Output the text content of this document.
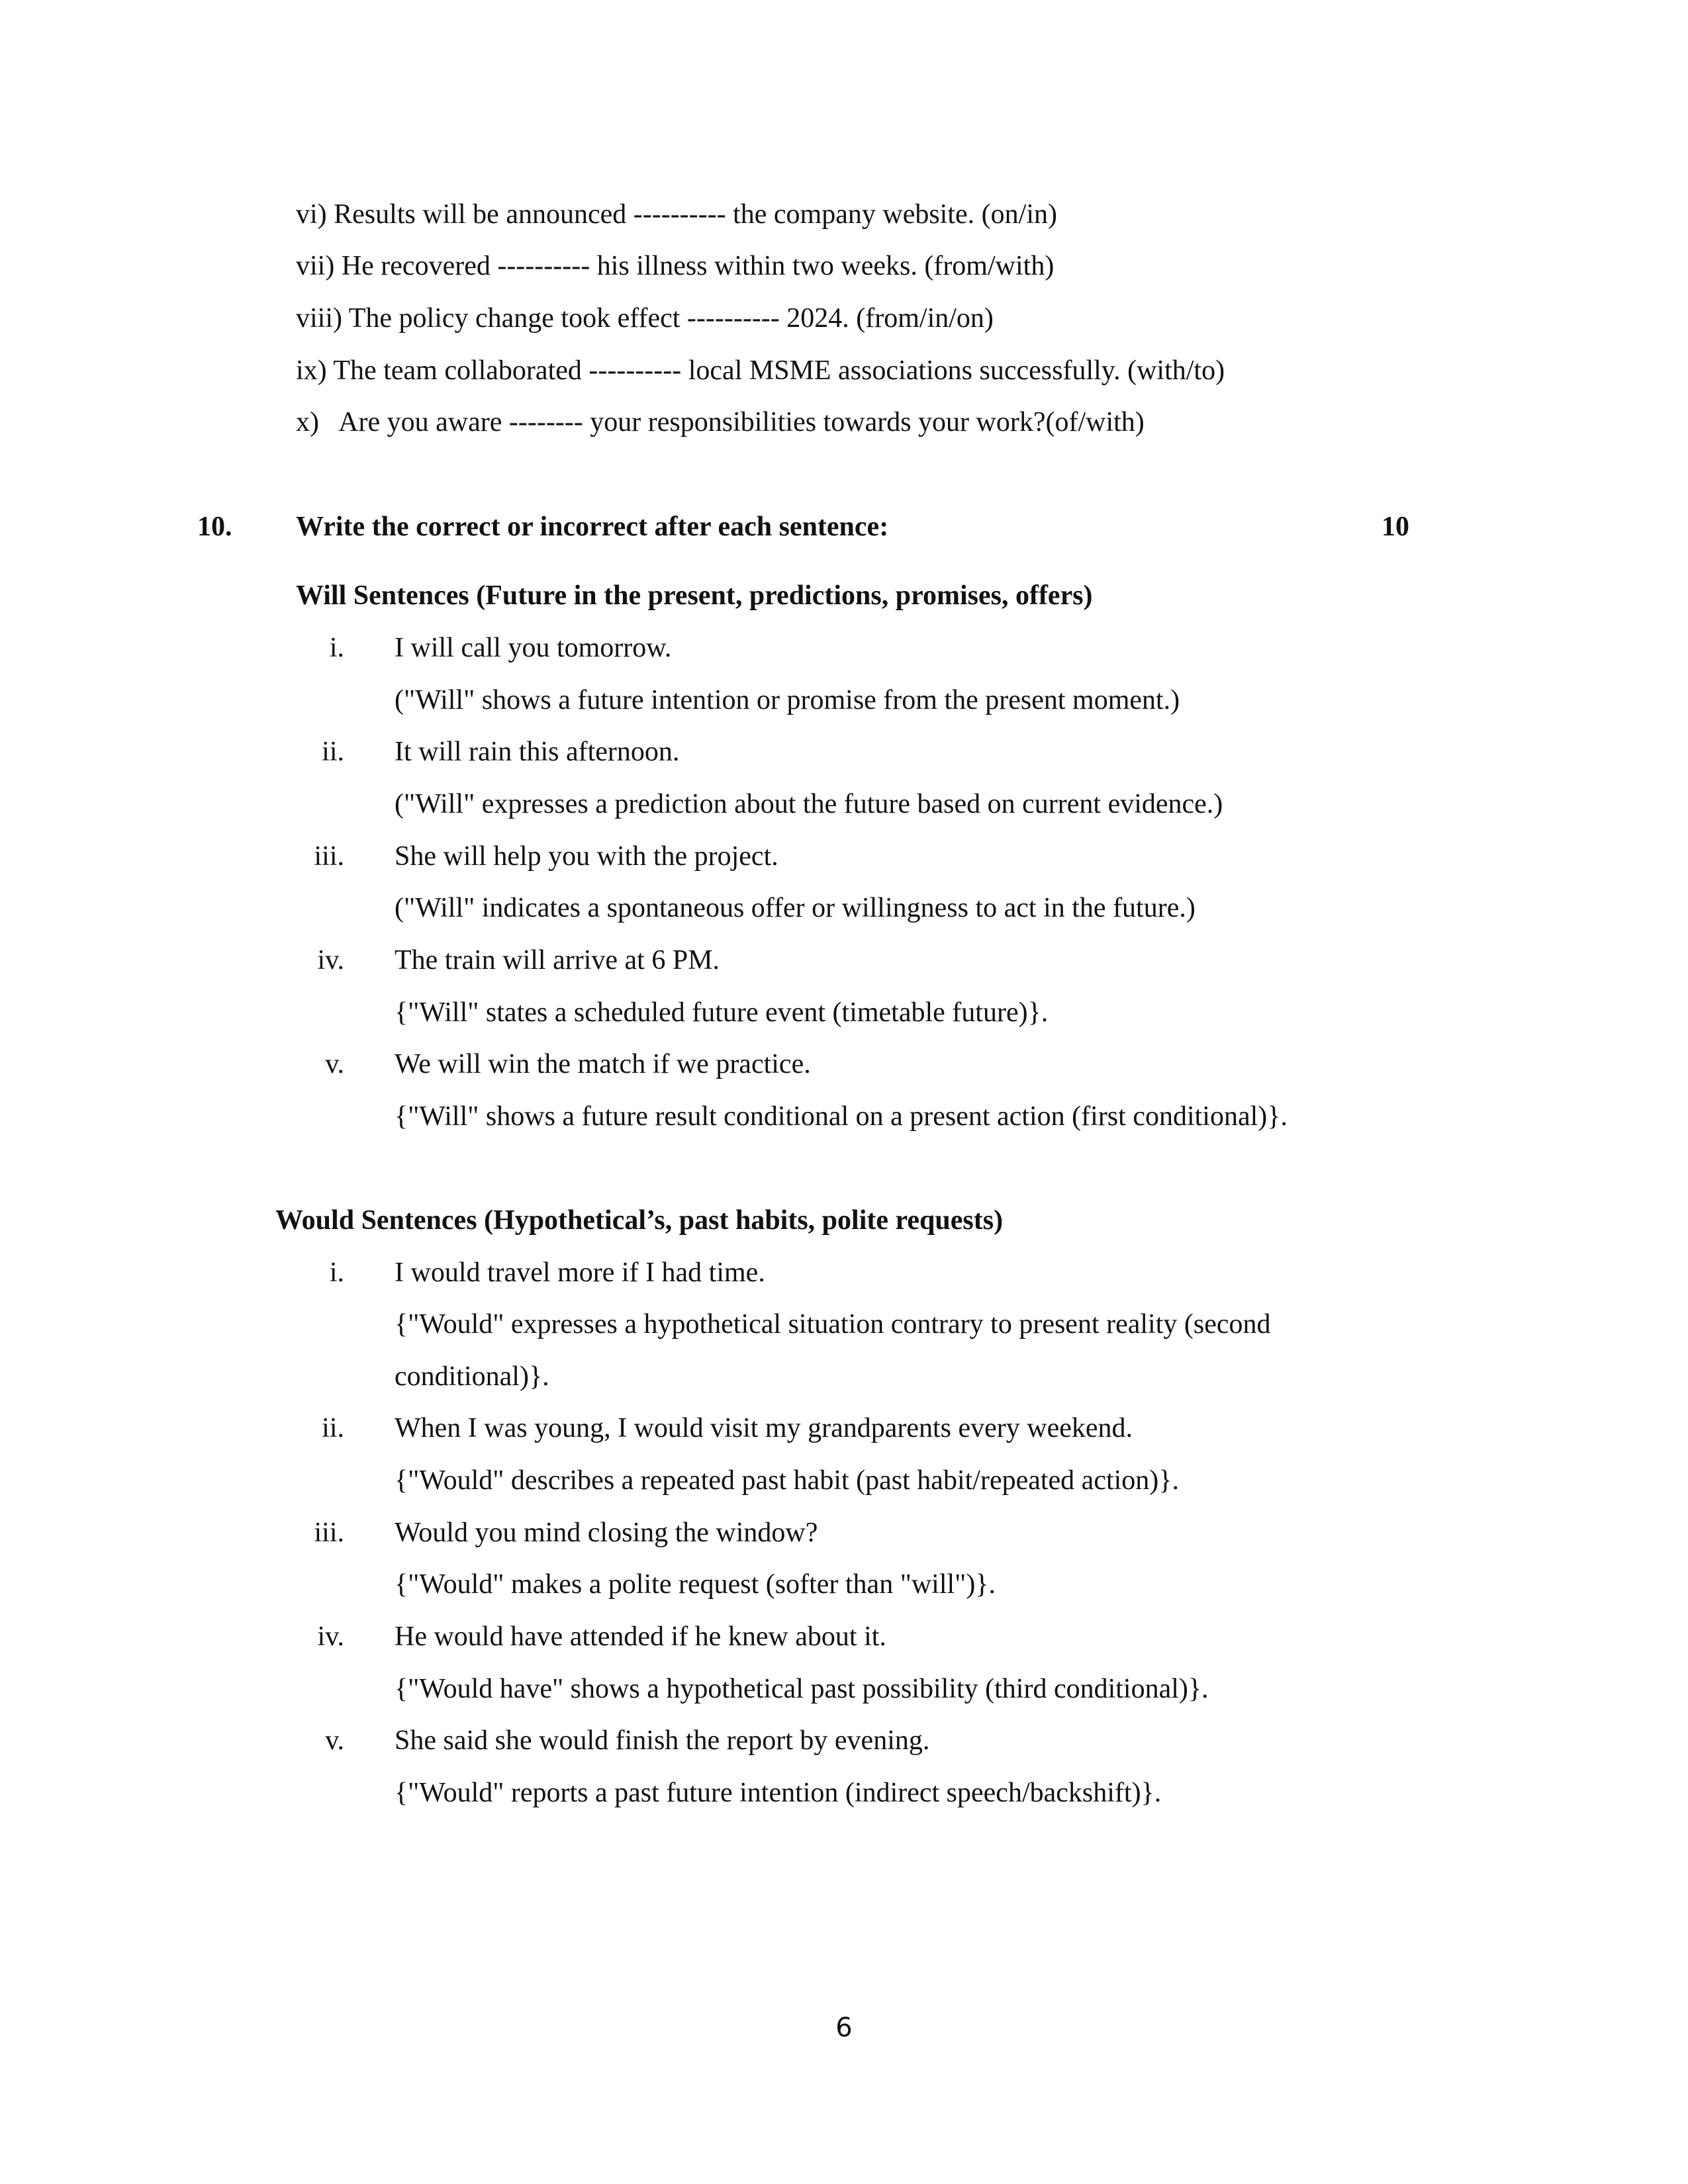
vi) Results will be announced ---------- the company website. (on/in)
vii) He recovered ---------- his illness within two weeks. (from/with)
viii) The policy change took effect ---------- 2024. (from/in/on)
ix) The team collaborated ---------- local MSME associations successfully. (with/to)
x)   Are you aware -------- your responsibilities towards your work?(of/with)
10. Write the correct or incorrect after each sentence:	10
Will Sentences (Future in the present, predictions, promises, offers)
i. I will call you tomorrow.
("Will" shows a future intention or promise from the present moment.)
ii. It will rain this afternoon.
("Will" expresses a prediction about the future based on current evidence.)
iii. She will help you with the project.
("Will" indicates a spontaneous offer or willingness to act in the future.)
iv. The train will arrive at 6 PM.
{"Will" states a scheduled future event (timetable future)}.
v. We will win the match if we practice.
{"Will" shows a future result conditional on a present action (first conditional)}.
Would Sentences (Hypothetical’s, past habits, polite requests)
i. I would travel more if I had time.
{"Would" expresses a hypothetical situation contrary to present reality (second
conditional)}.
ii. When I was young, I would visit my grandparents every weekend.
{"Would" describes a repeated past habit (past habit/repeated action)}.
iii. Would you mind closing the window?
{"Would" makes a polite request (softer than "will")}.
iv. He would have attended if he knew about it.
{"Would have" shows a hypothetical past possibility (third conditional)}.
v. She said she would finish the report by evening.
{"Would" reports a past future intention (indirect speech/backshift)}.
6
